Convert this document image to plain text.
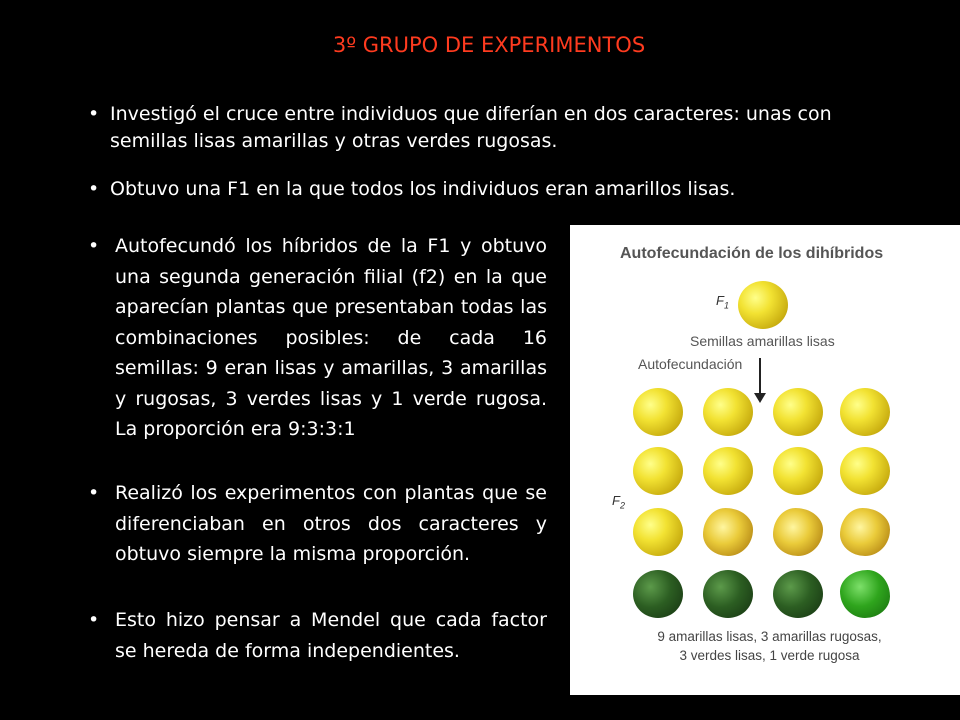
3º GRUPO DE EXPERIMENTOS
• Investigó el cruce entre individuos que diferían en dos caracteres: unas con semillas lisas amarillas y otras verdes rugosas.
• Obtuvo una F1 en la que todos los individuos eran amarillos lisas.
• Autofecundó los híbridos de la F1 y obtuvo una segunda generación filial (f2) en la que aparecían plantas que presentaban todas las combinaciones posibles: de cada 16 semillas: 9 eran lisas y amarillas, 3 amarillas y rugosas, 3 verdes lisas y 1 verde rugosa. La proporción era 9:3:3:1
• Realizó los experimentos con plantas que se diferenciaban en otros dos caracteres y obtuvo siempre la misma proporción.
• Esto hizo pensar a Mendel que cada factor se hereda de forma independientes.
Autofecundación de los dihíbridos
$F_1$
Semillas amarillas lisas
Autofecundación
$F_2$
9 amarillas lisas, 3 amarillas rugosas,
3 verdes lisas, 1 verde rugosa
